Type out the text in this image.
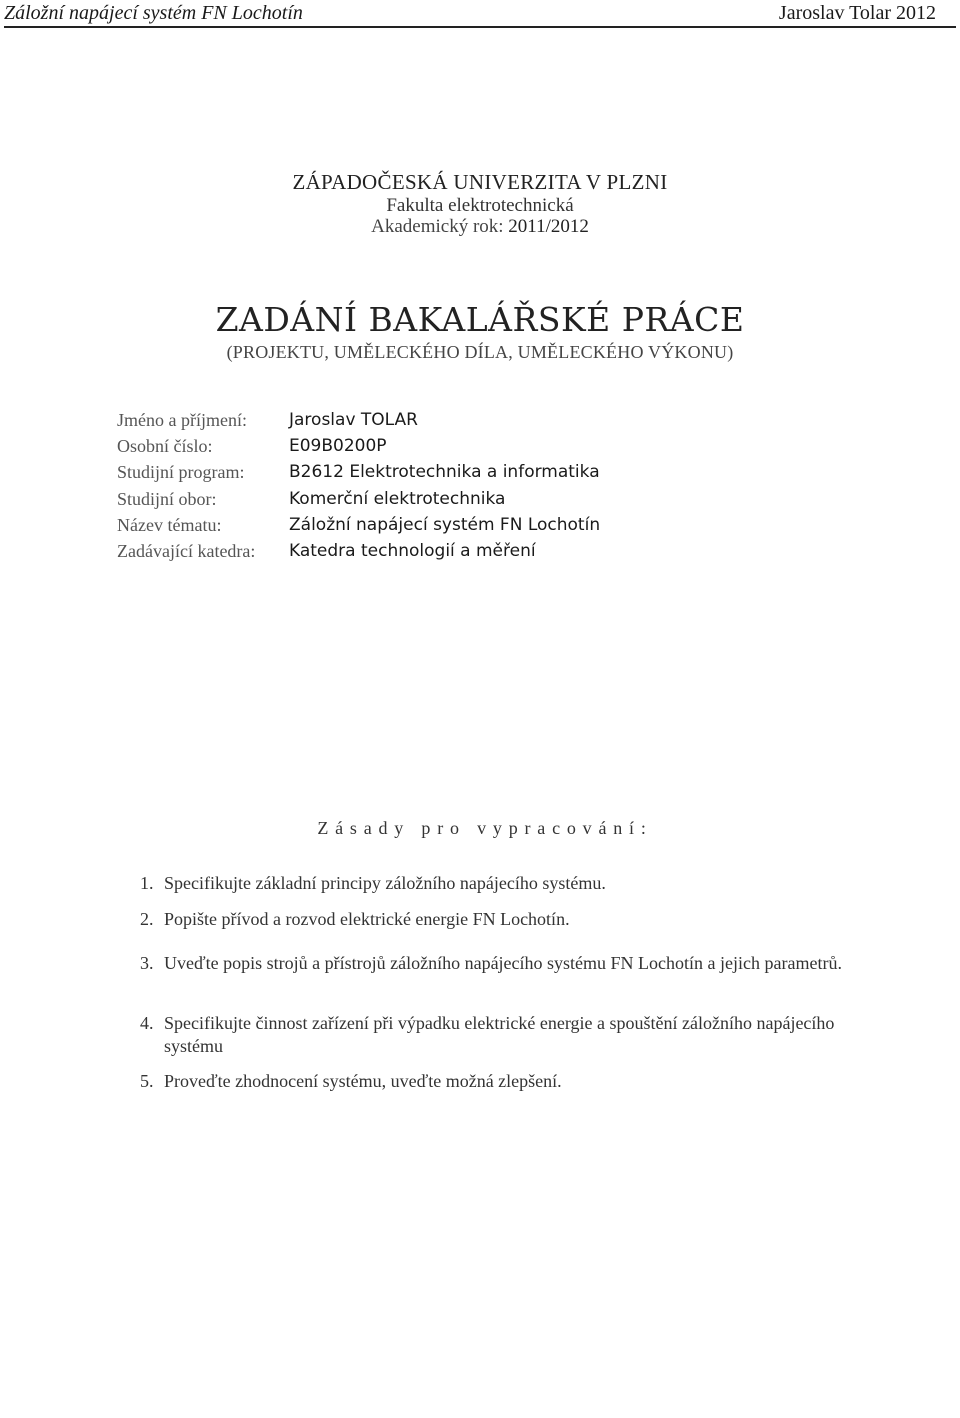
Záložní napájecí systém FN Lochotín	Jaroslav Tolar 2012
ZÁPADOČESKÁ UNIVERZITA V PLZNI
Fakulta elektrotechnická
Akademický rok: 2011/2012
ZADÁNÍ BAKALÁŘSKÉ PRÁCE
(PROJEKTU, UMĚLECKÉHO DÍLA, UMĚLECKÉHO VÝKONU)
Jméno a příjmení: Jaroslav TOLAR
Osobní číslo:	E09B0200P
Studijní program:	B2612 Elektrotechnika a informatika
Studijní obor:	Komerční elektrotechnika
Název tématu:	Záložní napájecí systém FN Lochotín
Zadávající katedra: Katedra technologií a měření
Zásady pro vypracování:
1. Specifikujte základní principy záložního napájecího systému.
2. Popište přívod a rozvod elektrické energie FN Lochotín.
3. Uveďte popis strojů a přístrojů záložního napájecího systému FN Lochotín a jejich parametrů.
4. Specifikujte činnost zařízení při výpadku elektrické energie a spouštění záložního napájecího systému
5. Proveďte zhodnocení systému, uveďte možná zlepšení.
